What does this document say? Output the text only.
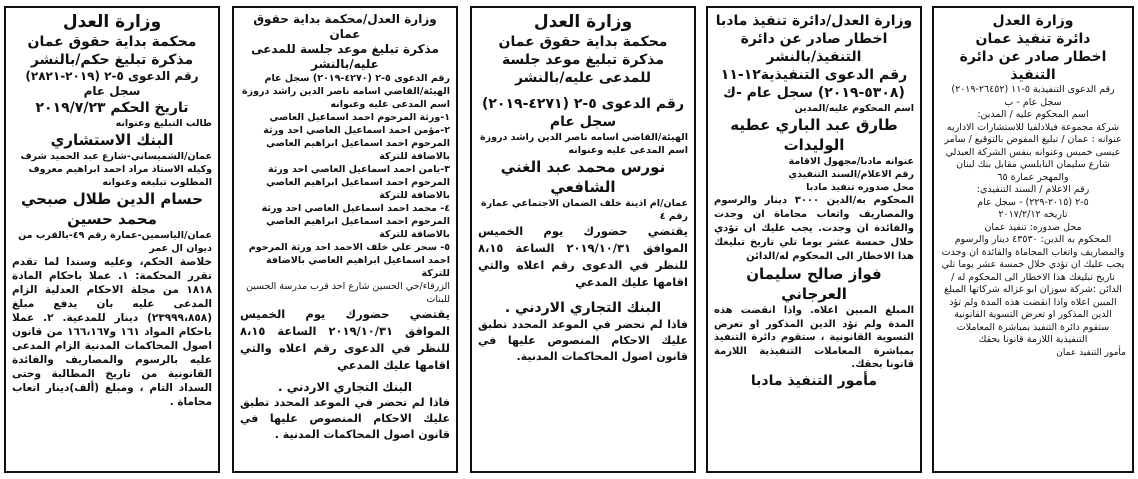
وزارة العدل

محكمة بداية حقوق عمان

مذكرة تبليغ حكم/بالنشر

رقم الدعوى ٥-٢ (٢٠١٩-٢٨٢١) سجل عام

تاريخ الحكم ٢٠١٩/٧/٢٣

طالب التبليغ وعنوانه

البنك الاستشاري

عمان/الشميساني-شارع عبد الحميد شرف

وكيله الاستاذ مراد احمد ابراهيم معروف

المطلوب تبليغه وعنوانه

حسام الدين طلال صبحي محمد حسين

عمان/الياسمين-عمارة رقم ٤٩-بالقرب من ديوان ال عمر

خلاصة الحكم، وعليه وسندا لما تقدم تقرر المحكمة: ١. عملا باحكام المادة ١٨١٨ من مجلة الاحكام العدلية الزام المدعى عليه بان يدفع مبلغ (٢٣٩٩٩،٨٥٨) دينار للمدعية. ٢. عملا باحكام المواد ١٦١ و١٦٦،١٦٧ من قانون اصول المحاكمات المدنية الزام المدعى عليه بالرسوم والمصاريف والفائدة القانونية من تاريخ المطالبة وحتى السداد التام ، ومبلغ (ألف)دينار اتعاب محاماة .

وزارة العدل/محكمة بداية حقوق عمان

مذكرة تبليغ موعد جلسة للمدعى عليه/بالنشر

رقم الدعوى ٥-٢ (٤٢٧٠-٢٠١٩) سجل عام

الهيئة/القاضي اسامه ناصر الدين راشد دروزة

اسم المدعى عليه وعنوانه

١-ورثة المرحوم احمد اسماعيل العاصي

٢-مؤمن احمد اسماعيل العاصي احد ورثة المرحوم احمد اسماعيل ابراهيم العاصي بالاضافة للتركة

٣-يامن احمد اسماعيل العاصي احد ورثة المرحوم احمد اسماعيل ابراهيم العاصي بالاضافة للتركة

٤- محمد احمد اسماعيل العاصي احد ورثة المرحوم احمد اسماعيل ابراهيم العاصي بالاضافة للتركة

٥- سحر علي خلف الاحمد احد ورثة المرحوم احمد اسماعيل ابراهيم العاصي بالاضافة للتركة

الزرقاء/حي الحسين شارع احد قرب مدرسة الحسين للبنات

يقتضي حضورك يوم الخميس الموافق ٢٠١٩/١٠/٣١ الساعة ٨،١٥ للنظر في الدعوى رقم اعلاه والتي اقامها عليك المدعي

البنك التجاري الاردني .

فاذا لم تحضر في الموعد المحدد تطبق عليك الاحكام المنصوص عليها في قانون اصول المحاكمات المدنية .

وزارة العدل

محكمة بداية حقوق عمان

مذكرة تبليغ موعد جلسة للمدعى عليه/بالنشر

رقم الدعوى ٥-٢ (٤٢٧١-٢٠١٩)

سجل عام

الهيئة/القاضي اسامه ناصر الدين راشد دروزة

اسم المدعى عليه وعنوانه

نورس محمد عبد الغني الشافعي

عمان/ام اذينة خلف الضمان الاجتماعي عمارة رقم ٤

يقتضي حضورك يوم الخميس الموافق ٢٠١٩/١٠/٣١ الساعة ٨،١٥ للنظر في الدعوى رقم اعلاه والتي اقامها عليك المدعي

البنك التجاري الاردني .

فاذا لم تحضر في الموعد المحدد تطبق عليك الاحكام المنصوص عليها في قانون اصول المحاكمات المدنية.

وزارة العدل/دائرة تنفيذ مادبا

اخطار صادر عن دائرة التنفيذ/بالنشر

رقم الدعوى التنفيذية١٢-١١

(٥٣٠٨-٢٠١٩) سجل عام -ك

اسم المحكوم عليه/المدين

طارق عبد الباري عطيه الوليدات

عنوانه مادبا/مجهول الاقامة

رقم الاعلام/السند التنفيذي

محل صدوره تنفيذ مادبا

المحكوم به/الدين ٣٠٠٠ دينار والرسوم والمصاريف واتعاب محاماة ان وجدت والفائدة ان وجدت. يجب عليك ان تؤدي خلال خمسة عشر يوما تلي تاريخ تبليغك هذا الاخطار الى المحكوم له/الدائن

فواز صالح سليمان العرجاني

المبلغ المبين اعلاه. واذا انقضت هذه المدة ولم تؤد الدين المذكور او تعرض التسوية القانونية ، ستقوم دائرة التنفيذ بمباشرة المعاملات التنفيذية اللازمة قانونا بحقك.

مأمور التنفيذ مادبا

وزارة العدل

دائرة تنفيذ عمان

اخطار صادر عن دائرة التنفيذ

رقم الدعوى التنفيذية ٥-١١ (٢٦٤٥٢-٢٠١٩)

سجل عام - ب

اسم المحكوم عليه / المدين:

شركة مجموعة فيلادلفيا للاستشارات الاداريه

عنوانه : عمان / تبليغ المفوض بالتوقيع / سامر عيسى خميس وعنوانه بنفس الشركة العبدلي شارع سليمان النابلسي مقابل بنك لبنان والمهجر عمارة ٦٥

رقم الاعلام / السند التنفيذي:

٥-٢ (٢٠١٥-٢٢٩) - سجل عام

تاريخه ٢٠١٧/٢/١٢

محل صدوره: تنفيذ عمان

المحكوم به الدين: ٤٣٥٣٠ دينار والرسوم والمصاريف واتعاب المحاماة والفائدة ان وجدت يجب عليك ان تؤدي خلال خمسة عشر يوما تلي تاريخ تبليغك هذا الاخطار الى المحكوم له / الدائن :شركة سوزان ابو غزاله شركاتها المبلغ المبين اعلاه واذا انقضت هذه المدة ولم تؤد الدين المذكور او تعرض التسوية القانونية ستقوم دائرة التنفيذ بمباشرة المعاملات التنفيذية اللازمة قانونا بحقك

مأمور التنفيذ عمان
